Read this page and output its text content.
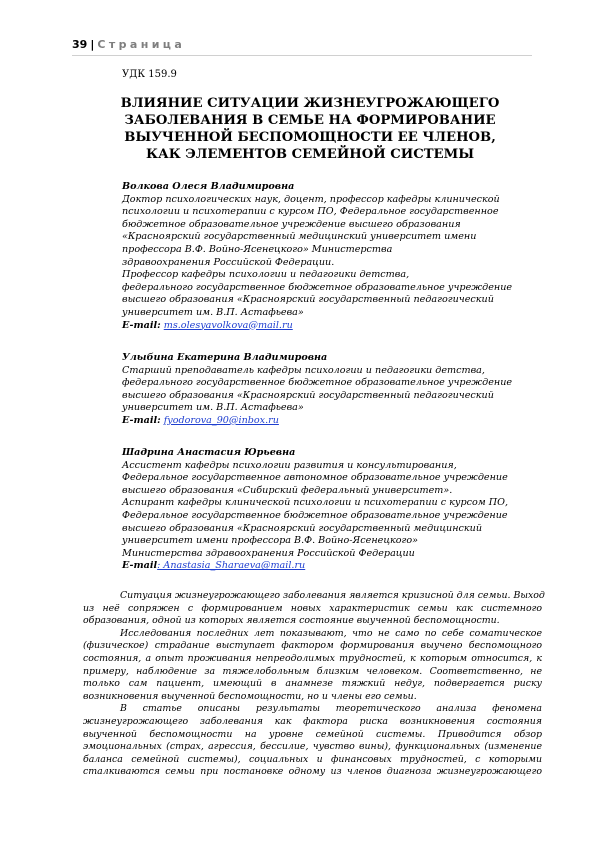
39 | Страница
УДК 159.9
ВЛИЯНИЕ СИТУАЦИИ ЖИЗНЕУГРОЖАЮЩЕГО
ЗАБОЛЕВАНИЯ В СЕМЬЕ НА ФОРМИРОВАНИЕ
ВЫУЧЕННОЙ БЕСПОМОЩНОСТИ ЕЕ ЧЛЕНОВ,
КАК ЭЛЕМЕНТОВ СЕМЕЙНОЙ СИСТЕМЫ
Волкова Олеся Владимировна
Доктор психологических наук, доцент, профессор кафедры клинической
психологии и психотерапии с курсом ПО, Федеральное государственное
бюджетное образовательное учреждение высшего образования
«Красноярский государственный медицинский университет имени
профессора В.Ф. Войно-Ясенецкого» Министерства
здравоохранения Российской Федерации.
Профессор кафедры психологии и педагогики детства,
федерального государственное бюджетное образовательное учреждение
высшего образования «Красноярский государственный педагогический
университет им. В.П. Астафьева»
E-mail: ms.olesyavolkova@mail.ru
Улыбина Екатерина Владимировна
Старший преподаватель кафедры психологии и педагогики детства,
федерального государственное бюджетное образовательное учреждение
высшего образования «Красноярский государственный педагогический
университет им. В.П. Астафьева»
E-mail: fyodorova_90@inbox.ru
Шадрина Анастасия Юрьевна
Ассистент кафедры психологии развития и консультирования,
Федеральное государственное автономное образовательное учреждение
высшего образования «Сибирский федеральный университет».
Аспирант кафедры клинической психологии и психотерапии с курсом ПО,
Федеральное государственное бюджетное образовательное учреждение
высшего образования «Красноярский государственный медицинский
университет имени профессора В.Ф. Войно-Ясенецкого»
Министерства здравоохранения Российской Федерации
E-mail: Anastasia_Sharaeva@mail.ru
Ситуация жизнеугрожающего заболевания является кризисной для семьи. Выход
из неё сопряжен с формированием новых характеристик семьи как системного
образования, одной из которых является состояние выученной беспомощности.
Исследования последних лет показывают, что не само по себе соматическое
(физическое) страдание выступает фактором формирования выучено беспомощного
состояния, а опыт проживания непреодолимых трудностей, к которым относится, к
примеру, наблюдение за тяжелобольным близким человеком. Соответственно, не
только сам пациент, имеющий в анамнезе тяжкий недуг, подвергается риску
возникновения выученной беспомощности, но и члены его семьи.
В статье описаны результаты теоретического анализа феномена
жизнеугрожающего заболевания как фактора риска возникновения состояния
выученной беспомощности на уровне семейной системы. Приводится обзор
эмоциональных (страх, агрессия, бессилие, чувство вины), функциональных (изменение
баланса семейной системы), социальных и финансовых трудностей, с которыми
сталкиваются семьи при постановке одному из членов диагноза жизнеугрожающего
